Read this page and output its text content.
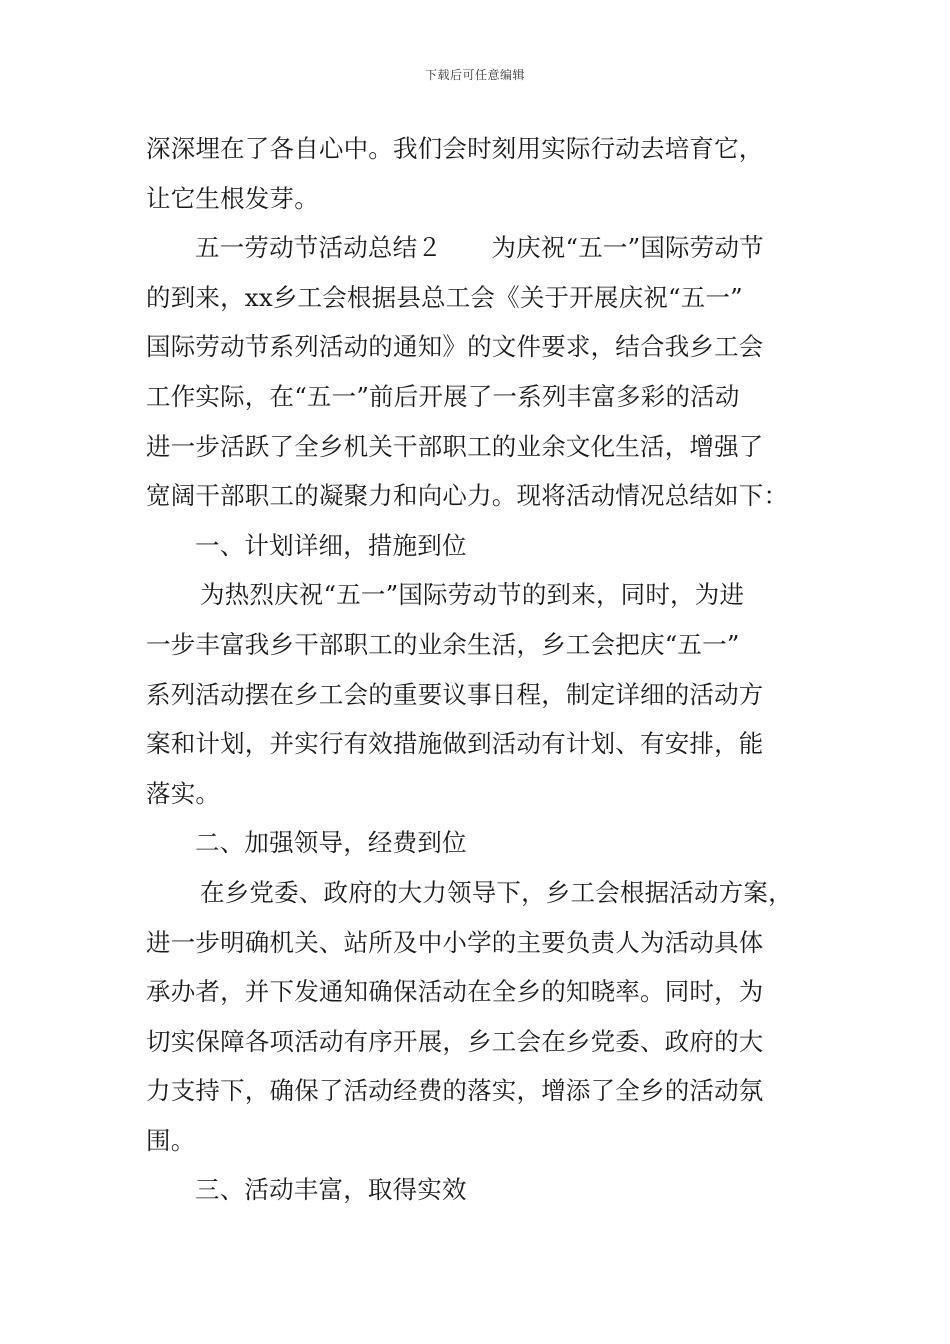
下载后可任意编辑
深深埋在了各自心中。我们会时刻用实际行动去培育它，
让它生根发芽。
五一劳动节活动总结２　　为庆祝“五一”国际劳动节
的到来，xx乡工会根据县总工会《关于开展庆祝“五一”
国际劳动节系列活动的通知》的文件要求，结合我乡工会
工作实际，在“五一”前后开展了一系列丰富多彩的活动
进一步活跃了全乡机关干部职工的业余文化生活，增强了
宽阔干部职工的凝聚力和向心力。现将活动情况总结如下：
一、计划详细，措施到位
为热烈庆祝“五一”国际劳动节的到来，同时，为进
一步丰富我乡干部职工的业余生活，乡工会把庆“五一”
系列活动摆在乡工会的重要议事日程，制定详细的活动方
案和计划，并实行有效措施做到活动有计划、有安排，能
落实。
二、加强领导，经费到位
在乡党委、政府的大力领导下，乡工会根据活动方案，
进一步明确机关、站所及中小学的主要负责人为活动具体
承办者，并下发通知确保活动在全乡的知晓率。同时，为
切实保障各项活动有序开展，乡工会在乡党委、政府的大
力支持下，确保了活动经费的落实，增添了全乡的活动氛
围。
三、活动丰富，取得实效
